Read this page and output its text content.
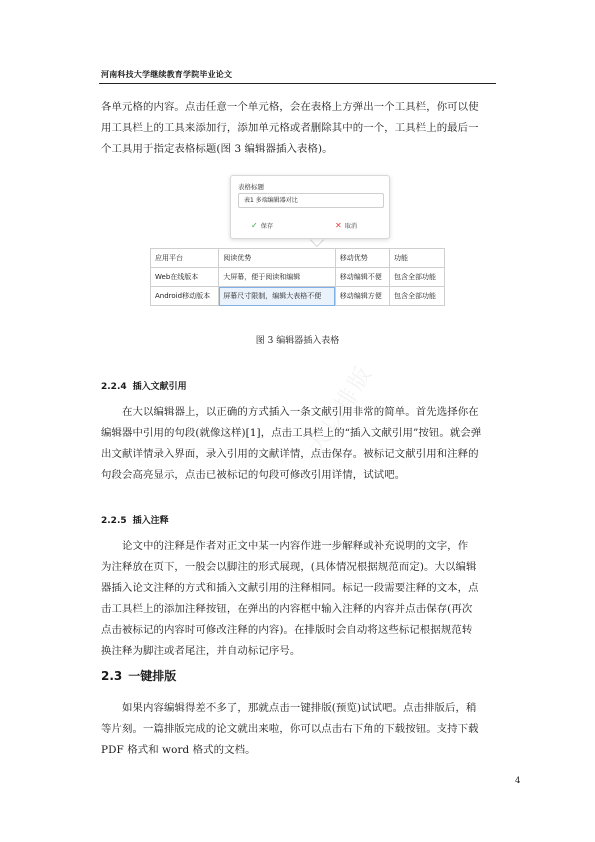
河南科技大学继续教育学院毕业论文

各单元格的内容。点击任意一个单元格，会在表格上方弹出一个工具栏，你可以使

用工具栏上的工具来添加行，添加单元格或者删除其中的一个，工具栏上的最后一

个工具用于指定表格标题(图 3 编辑器插入表格)。

表格标题
表1 多端编辑器对比
✓ 保存	✕ 取消
应用平台	阅读优势	移动优势	功能
Web在线版本	大屏幕，便于阅读和编辑	移动编辑不便	包含全部功能
Android移动版本	屏幕尺寸限制，编辑大表格不便	移动编辑方便	包含全部功能
图 3 编辑器插入表格
大以排版
2.2.4 插入文献引用

在大以编辑器上，以正确的方式插入一条文献引用非常的简单。首先选择你在

编辑器中引用的句段(就像这样)[1]，点击工具栏上的“插入文献引用”按钮。就会弹

出文献详情录入界面，录入引用的文献详情，点击保存。被标记文献引用和注释的

句段会高亮显示，点击已被标记的句段可修改引用详情，试试吧。

2.2.5 插入注释

论文中的注释是作者对正文中某一内容作进一步解释或补充说明的文字，作

为注释放在页下，一般会以脚注的形式展现，(具体情况根据规范而定)。大以编辑

器插入论文注释的方式和插入文献引用的注释相同。标记一段需要注释的文本，点

击工具栏上的添加注释按钮，在弹出的内容框中输入注释的内容并点击保存(再次

点击被标记的内容时可修改注释的内容)。在排版时会自动将这些标记根据规范转

换注释为脚注或者尾注，并自动标记序号。

2.3 一键排版

如果内容编辑得差不多了，那就点击一键排版(预览)试试吧。点击排版后，稍

等片刻。一篇排版完成的论文就出来啦，你可以点击右下角的下载按钮。支持下载

PDF 格式和 word 格式的文档。

4
